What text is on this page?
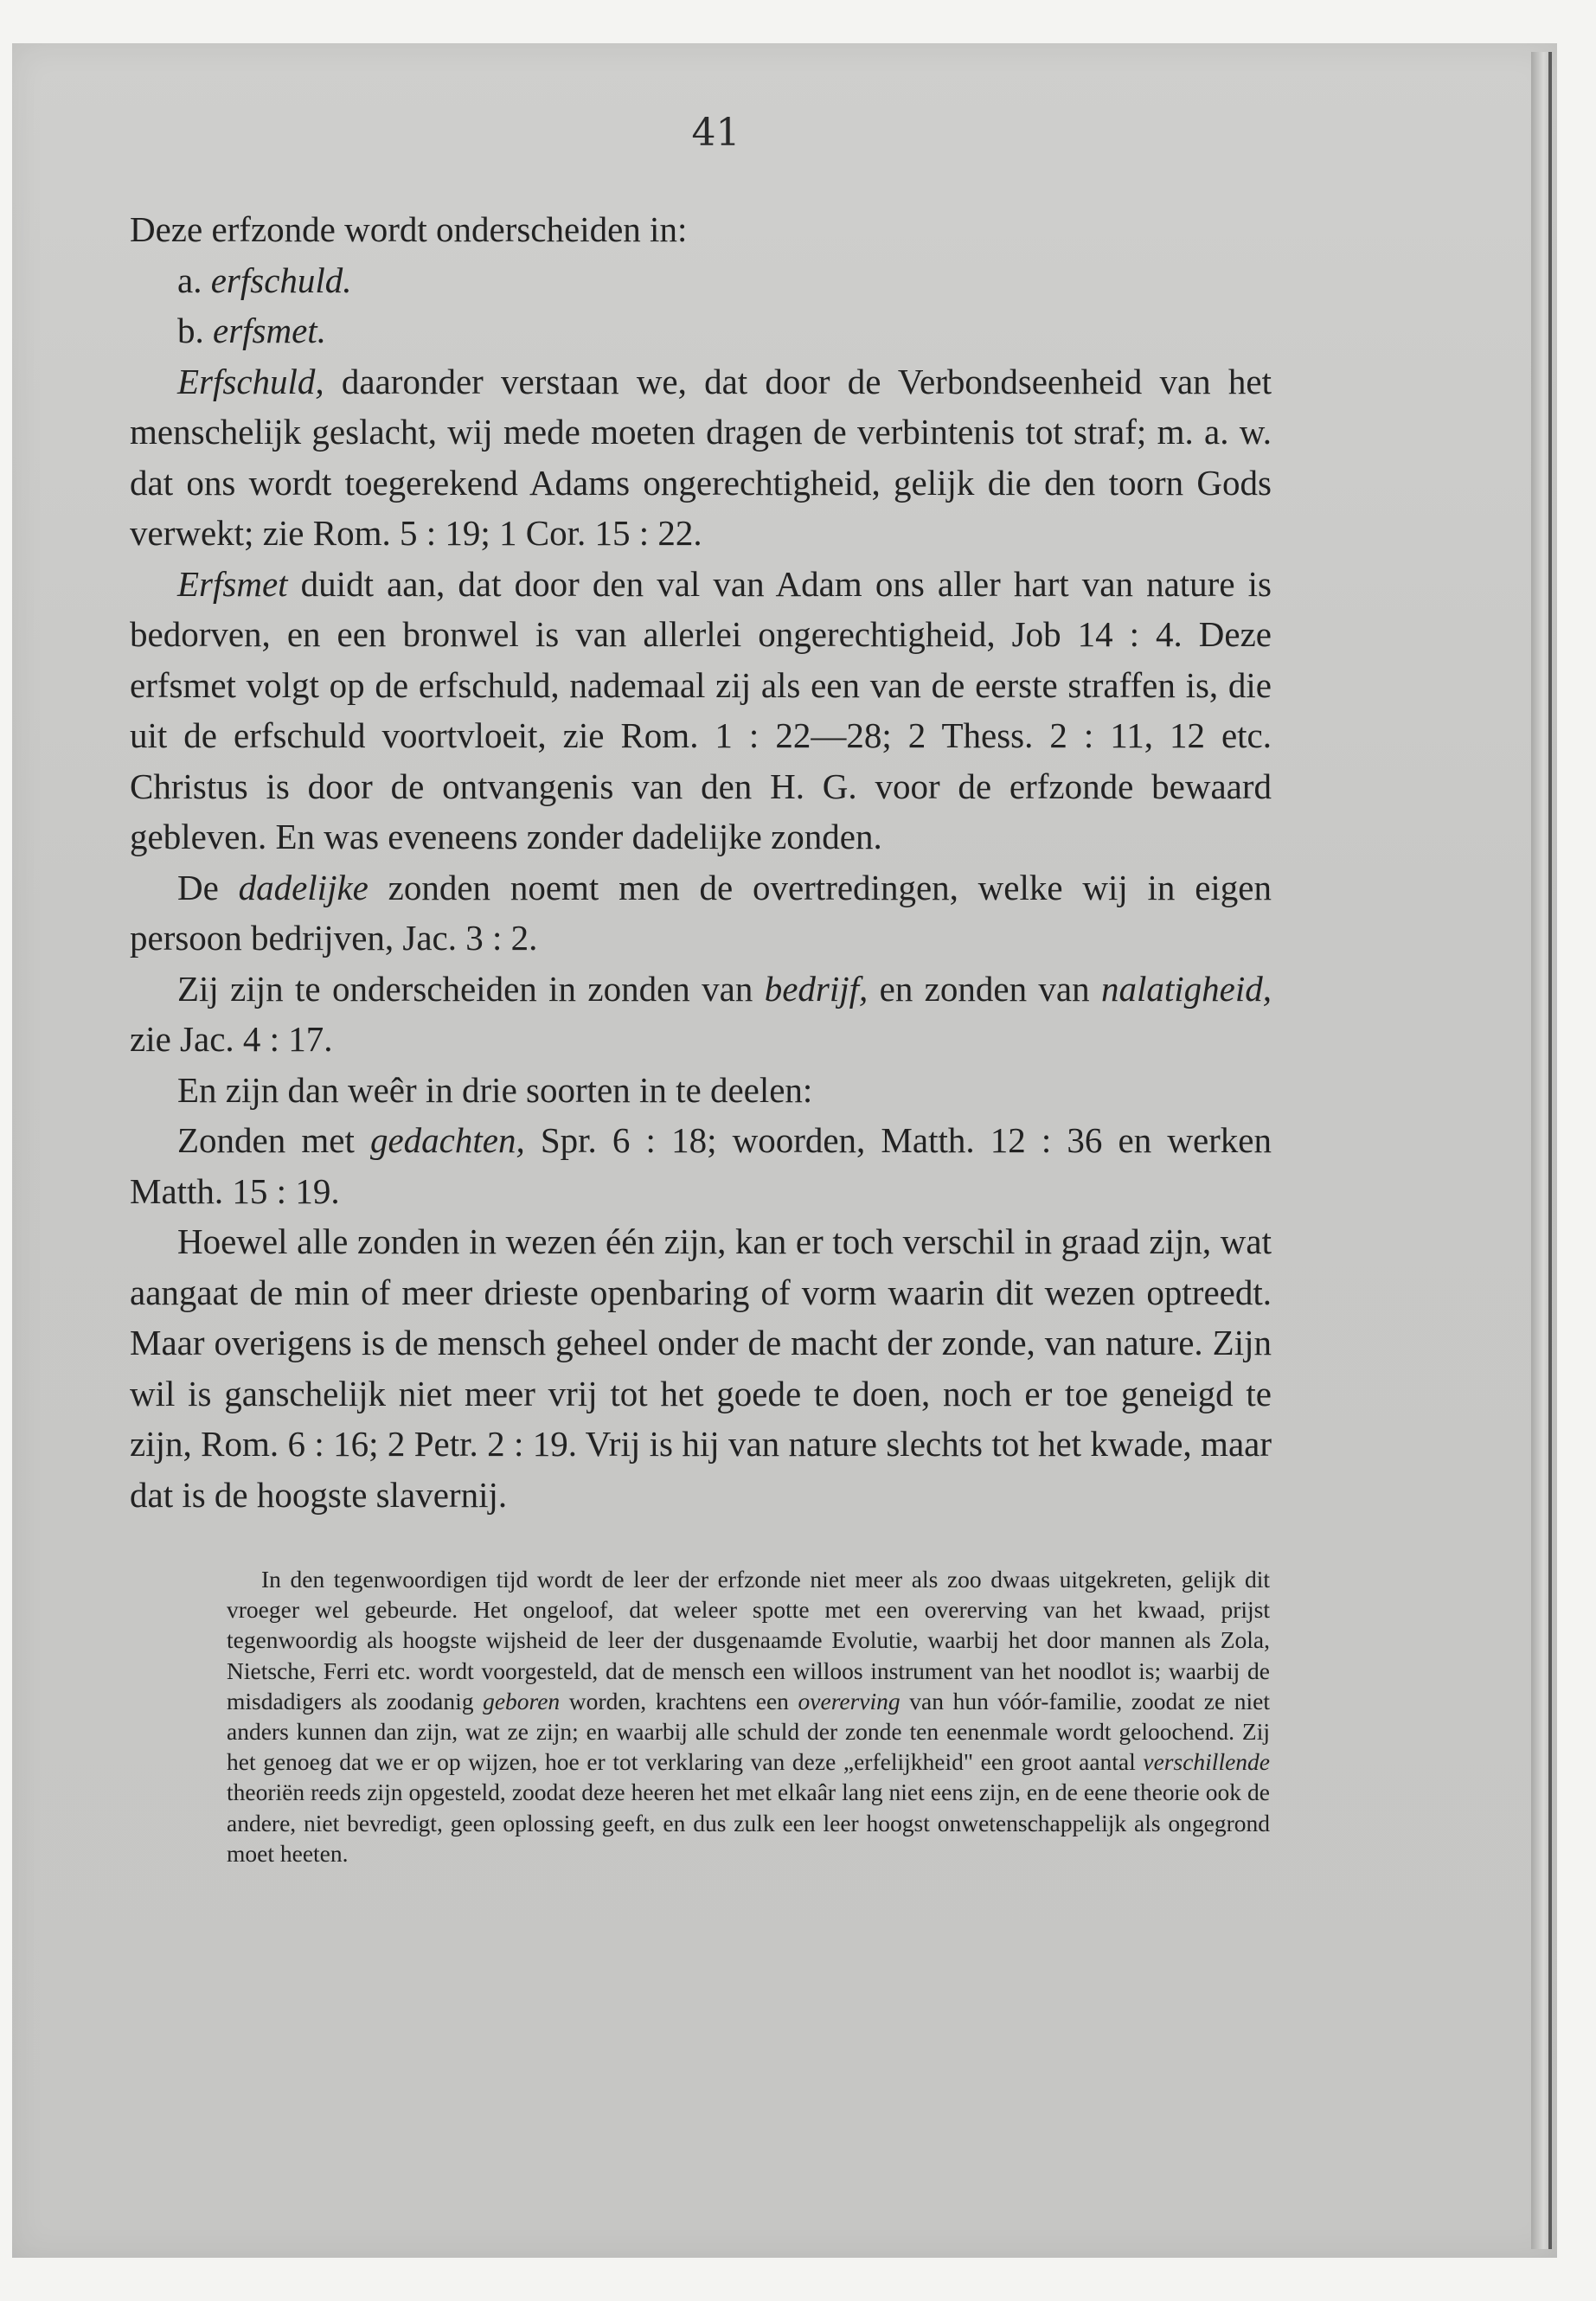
41

Deze erfzonde wordt onderscheiden in:

a. erfschuld.

b. erfsmet.

Erfschuld, daaronder verstaan we, dat door de Verbondseenheid van het menschelijk geslacht, wij mede moeten dragen de verbintenis tot straf; m. a. w. dat ons wordt toegerekend Adams ongerechtigheid, gelijk die den toorn Gods verwekt; zie Rom. 5 : 19; 1 Cor. 15 : 22.

Erfsmet duidt aan, dat door den val van Adam ons aller hart van nature is bedorven, en een bronwel is van allerlei ongerechtigheid, Job 14 : 4. Deze erfsmet volgt op de erfschuld, nademaal zij als een van de eerste straffen is, die uit de erfschuld voortvloeit, zie Rom. 1 : 22—28; 2 Thess. 2 : 11, 12 etc. Christus is door de ontvangenis van den H. G. voor de erfzonde bewaard gebleven. En was eveneens zonder dadelijke zonden.

De dadelijke zonden noemt men de overtredingen, welke wij in eigen persoon bedrijven, Jac. 3 : 2.

Zij zijn te onderscheiden in zonden van bedrijf, en zonden van nalatigheid, zie Jac. 4 : 17.

En zijn dan weêr in drie soorten in te deelen:

Zonden met gedachten, Spr. 6 : 18; woorden, Matth. 12 : 36 en werken Matth. 15 : 19.

Hoewel alle zonden in wezen één zijn, kan er toch verschil in graad zijn, wat aangaat de min of meer drieste openbaring of vorm waarin dit wezen optreedt. Maar overigens is de mensch geheel onder de macht der zonde, van nature. Zijn wil is ganschelijk niet meer vrij tot het goede te doen, noch er toe geneigd te zijn, Rom. 6 : 16; 2 Petr. 2 : 19. Vrij is hij van nature slechts tot het kwade, maar dat is de hoogste slavernij.

In den tegenwoordigen tijd wordt de leer der erfzonde niet meer als zoo dwaas uitgekreten, gelijk dit vroeger wel gebeurde. Het ongeloof, dat weleer spotte met een overerving van het kwaad, prijst tegenwoordig als hoogste wijsheid de leer der dusgenaamde Evolutie, waarbij het door mannen als Zola, Nietsche, Ferri etc. wordt voorgesteld, dat de mensch een willoos instrument van het noodlot is; waarbij de misdadigers als zoodanig geboren worden, krachtens een overerving van hun vóór-familie, zoodat ze niet anders kunnen dan zijn, wat ze zijn; en waarbij alle schuld der zonde ten eenenmale wordt geloochend. Zij het genoeg dat we er op wijzen, hoe er tot verklaring van deze „erfelijkheid" een groot aantal verschillende theoriën reeds zijn opgesteld, zoodat deze heeren het met elkaâr lang niet eens zijn, en de eene theorie ook de andere, niet bevredigt, geen oplossing geeft, en dus zulk een leer hoogst onwetenschappelijk als ongegrond moet heeten.
